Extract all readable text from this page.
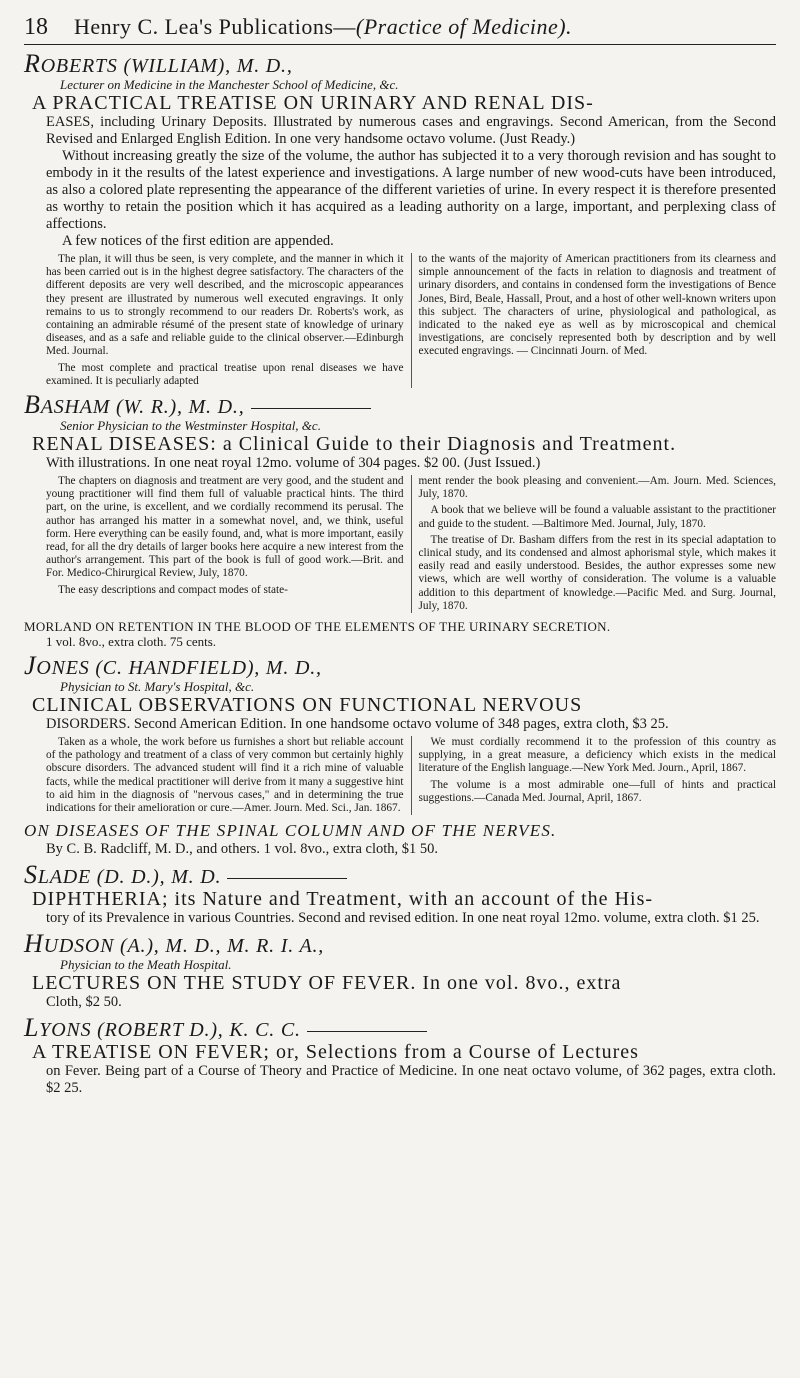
18	Henry C. Lea's Publications—(Practice of Medicine).
ROBERTS (WILLIAM), M. D.,
Lecturer on Medicine in the Manchester School of Medicine, &c.
A PRACTICAL TREATISE ON URINARY AND RENAL DIS-
EASES, including Urinary Deposits. Illustrated by numerous cases and engravings. Second American, from the Second Revised and Enlarged English Edition. In one very handsome octavo volume. (Just Ready.)
Without increasing greatly the size of the volume, the author has subjected it to a very thorough revision and has sought to embody in it the results of the latest experience and investigations. A large number of new wood-cuts have been introduced, as also a colored plate representing the appearance of the different varieties of urine. In every respect it is therefore presented as worthy to retain the position which it has acquired as a leading authority on a large, important, and perplexing class of affections.
A few notices of the first edition are appended.

The plan, it will thus be seen, is very complete, and the manner in which it has been carried out is in the highest degree satisfactory. The characters of the different deposits are very well described, and the microscopic appearances they present are illustrated by numerous well executed engravings. It only remains to us to strongly recommend to our readers Dr. Roberts's work, as containing an admirable résumé of the present state of knowledge of urinary diseases, and as a safe and reliable guide to the clinical observer.—Edinburgh Med. Journal.

The most complete and practical treatise upon renal diseases we have examined. It is peculiarly adapted

to the wants of the majority of American practitioners from its clearness and simple announcement of the facts in relation to diagnosis and treatment of urinary disorders, and contains in condensed form the investigations of Bence Jones, Bird, Beale, Hassall, Prout, and a host of other well-known writers upon this subject. The characters of urine, physiological and pathological, as indicated to the naked eye as well as by microscopical and chemical investigations, are concisely represented both by description and by well executed engravings. — Cincinnati Journ. of Med.

BASHAM (W. R.), M. D.,
Senior Physician to the Westminster Hospital, &c.
RENAL DISEASES: a Clinical Guide to their Diagnosis and Treatment.
With illustrations. In one neat royal 12mo. volume of 304 pages. $2 00. (Just Issued.)

The chapters on diagnosis and treatment are very good, and the student and young practitioner will find them full of valuable practical hints. The third part, on the urine, is excellent, and we cordially recommend its perusal. The author has arranged his matter in a somewhat novel, and, we think, useful form. Here everything can be easily found, and, what is more important, easily read, for all the dry details of larger books here acquire a new interest from the author's arrangement. This part of the book is full of good work.—Brit. and For. Medico-Chirurgical Review, July, 1870.

The easy descriptions and compact modes of state-

ment render the book pleasing and convenient.—Am. Journ. Med. Sciences, July, 1870.

A book that we believe will be found a valuable assistant to the practitioner and guide to the student. —Baltimore Med. Journal, July, 1870.

The treatise of Dr. Basham differs from the rest in its special adaptation to clinical study, and its condensed and almost aphorismal style, which makes it easily read and easily understood. Besides, the author expresses some new views, which are well worthy of consideration. The volume is a valuable addition to this department of knowledge.—Pacific Med. and Surg. Journal, July, 1870.

MORLAND ON RETENTION IN THE BLOOD OF THE ELEMENTS OF THE URINARY SECRETION.
1 vol. 8vo., extra cloth. 75 cents.
JONES (C. HANDFIELD), M. D.,
Physician to St. Mary's Hospital, &c.
CLINICAL OBSERVATIONS ON FUNCTIONAL NERVOUS
DISORDERS. Second American Edition. In one handsome octavo volume of 348 pages, extra cloth, $3 25.

Taken as a whole, the work before us furnishes a short but reliable account of the pathology and treatment of a class of very common but certainly highly obscure disorders. The advanced student will find it a rich mine of valuable facts, while the medical practitioner will derive from it many a suggestive hint to aid him in the diagnosis of "nervous cases," and in determining the true indications for their amelioration or cure.—Amer. Journ. Med. Sci., Jan. 1867.

We must cordially recommend it to the profession of this country as supplying, in a great measure, a deficiency which exists in the medical literature of the English language.—New York Med. Journ., April, 1867.

The volume is a most admirable one—full of hints and practical suggestions.—Canada Med. Journal, April, 1867.

ON DISEASES OF THE SPINAL COLUMN AND OF THE NERVES.
By C. B. Radcliff, M. D., and others. 1 vol. 8vo., extra cloth, $1 50.
SLADE (D. D.), M. D.
DIPHTHERIA; its Nature and Treatment, with an account of the His-
tory of its Prevalence in various Countries. Second and revised edition. In one neat royal 12mo. volume, extra cloth. $1 25.
HUDSON (A.), M. D., M. R. I. A.,
Physician to the Meath Hospital.
LECTURES ON THE STUDY OF FEVER. In one vol. 8vo., extra
Cloth, $2 50.
LYONS (ROBERT D.), K. C. C.
A TREATISE ON FEVER; or, Selections from a Course of Lectures
on Fever. Being part of a Course of Theory and Practice of Medicine. In one neat octavo volume, of 362 pages, extra cloth. $2 25.
